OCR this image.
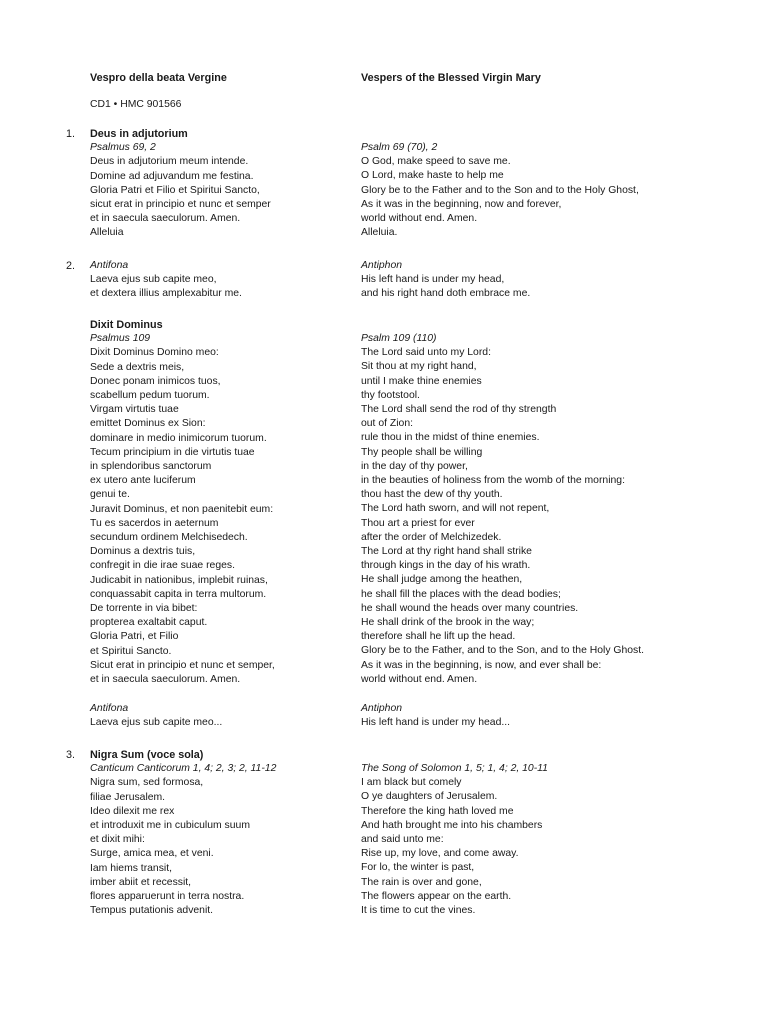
Vespro della beata Vergine	Vespers of the Blessed Virgin Mary
CD1 • HMC 901566
1. Deus in adjutorium
Psalmus 69, 2
Deus in adjutorium meum intende.
Domine ad adjuvandum me festina.
Gloria Patri et Filio et Spiritui Sancto,
sicut erat in principio et nunc et semper
et in saecula saeculorum. Amen.
Alleluia
Psalm 69 (70), 2
O God, make speed to save me.
O Lord, make haste to help me
Glory be to the Father and to the Son and to the Holy Ghost,
As it was in the beginning, now and forever,
world without end. Amen.
Alleluia.
2. Antifona
Laeva ejus sub capite meo,
et dextera illius amplexabitur me.
Antiphon
His left hand is under my head,
and his right hand doth embrace me.
Dixit Dominus
Psalmus 109
Dixit Dominus Domino meo:
Sede a dextris meis,
Donec ponam inimicos tuos,
scabellum pedum tuorum.
Virgam virtutis tuae
emittet Dominus ex Sion:
dominare in medio inimicorum tuorum.
Tecum principium in die virtutis tuae
in splendoribus sanctorum
ex utero ante luciferum
genui te.
Juravit Dominus, et non paenitebit eum:
Tu es sacerdos in aeternum
secundum ordinem Melchisedech.
Dominus a dextris tuis,
confregit in die irae suae reges.
Judicabit in nationibus, implebit ruinas,
conquassabit capita in terra multorum.
De torrente in via bibet:
propterea exaltabit caput.
Gloria Patri, et Filio
et Spiritui Sancto.
Sicut erat in principio et nunc et semper,
et in saecula saeculorum. Amen.
Psalm 109 (110)
The Lord said unto my Lord:
Sit thou at my right hand,
until I make thine enemies
thy footstool.
The Lord shall send the rod of thy strength
out of Zion:
rule thou in the midst of thine enemies.
Thy people shall be willing
in the day of thy power,
in the beauties of holiness from the womb of the morning:
thou hast the dew of thy youth.
The Lord hath sworn, and will not repent,
Thou art a priest for ever
after the order of Melchizedek.
The Lord at thy right hand shall strike
through kings in the day of his wrath.
He shall judge among the heathen,
he shall fill the places with the dead bodies;
he shall wound the heads over many countries.
He shall drink of the brook in the way;
therefore shall he lift up the head.
Glory be to the Father, and to the Son, and to the Holy Ghost.
As it was in the beginning, is now, and ever shall be:
world without end. Amen.
Antifona
Laeva ejus sub capite meo...
Antiphon
His left hand is under my head...
3. Nigra Sum (voce sola)
Canticum Canticorum 1, 4; 2, 3; 2, 11-12
Nigra sum, sed formosa,
filiae Jerusalem.
Ideo dilexit me rex
et introduxit me in cubiculum suum
et dixit mihi:
Surge, amica mea, et veni.
Iam hiems transit,
imber abiit et recessit,
flores apparuerunt in terra nostra.
Tempus putationis advenit.
The Song of Solomon 1, 5; 1, 4; 2, 10-11
I am black but comely
O ye daughters of Jerusalem.
Therefore the king hath loved me
And hath brought me into his chambers
and said unto me:
Rise up, my love, and come away.
For lo, the winter is past,
The rain is over and gone,
The flowers appear on the earth.
It is time to cut the vines.
